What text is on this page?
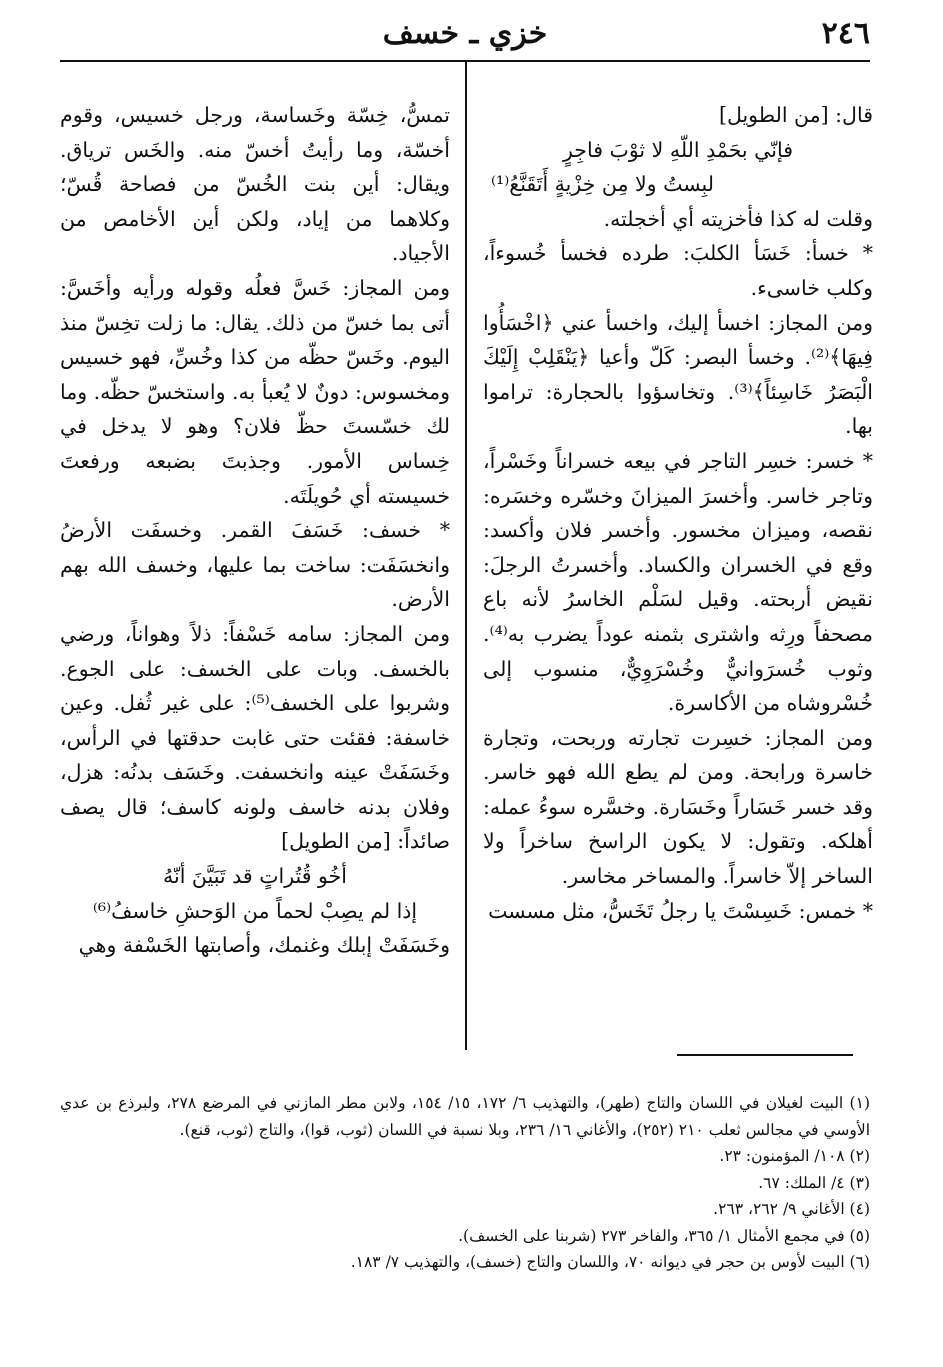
٢٤٦
خزي ـ خسف

قال: [من الطويل]

فإنّي بحَمْدِ اللّهِ لا ثوْبَ فاجِرٍ

لبِستُ ولا مِن خِزْيةٍ أَتَقَنَّعُ⁽¹⁾

وقلت له كذا فأخزيته أي أخجلته.

* خسأ: خَسَأ الكلبَ: طرده فخسأ خُسوءاً، وكلب خاسىء.

ومن المجاز: اخسأ إليك، واخسأ عني ﴿اخْسَأُوا فِيهَا﴾⁽²⁾. وخسأ البصر: كَلّ وأعيا ﴿يَنْقَلِبْ إِلَيْكَ الْبَصَرُ خَاسِئاً﴾⁽³⁾. وتخاسؤوا بالحجارة: تراموا بها.

* خسر: خسِر التاجر في بيعه خسراناً وخَسْراً، وتاجر خاسر. وأخسرَ الميزانَ وخسّره وخسَره: نقصه، وميزان مخسور. وأخسر فلان وأكسد: وقع في الخسران والكساد. وأخسرتُ الرجلَ: نقيض أربحته. وقيل لسَلْم الخاسرُ لأنه باع مصحفاً ورِثه واشترى بثمنه عوداً يضرب به⁽⁴⁾. وثوب خُسرَوانيٌّ وخُسْرَوِيٌّ، منسوب إلى خُسْروشاه من الأكاسرة.

ومن المجاز: خسِرت تجارته وربحت، وتجارة خاسرة ورابحة. ومن لم يطع الله فهو خاسر. وقد خسر خَسَاراً وخَسَارة. وخسَّره سوءُ عمله: أهلكه. وتقول: لا يكون الراسخ ساخراً ولا الساخر إلاّ خاسراً. والمساخر مخاسر.

* خمس: خَسِسْتَ يا رجلُ تَخَسُّ، مثل مسست

تمسُّ، خِسّة وخَساسة، ورجل خسيس، وقوم أخسّة، وما رأيتُ أخسّ منه. والخَس ترياق. ويقال: أين بنت الخُسّ من فصاحة قُسّ؛ وكلاهما من إياد، ولكن أين الأخامص من الأجياد.

ومن المجاز: خَسَّ فعلُه وقوله ورأيه وأخَسَّ: أتى بما خسّ من ذلك. يقال: ما زلت تخِسّ منذ اليوم. وخَسّ حظّه من كذا وخُسِّ، فهو خسيس ومخسوس: دونٌ لا يُعبأ به. واستخسّ حظّه. وما لك خسّستَ حظّ فلان؟ وهو لا يدخل في خِساس الأمور. وجذبتَ بضبعه ورفعتَ خسيسته أي حُويلَتَه.

* خسف: خَسَفَ القمر. وخسفَت الأرضُ وانخسَفَت: ساخت بما عليها، وخسف الله بهم الأرض.

ومن المجاز: سامه خَسْفاً: ذلاً وهواناً، ورضي بالخسف. وبات على الخسف: على الجوع. وشربوا على الخسف⁽⁵⁾: على غير ثُفل. وعين خاسفة: فقئت حتى غابت حدقتها في الرأس، وخَسَفَتْ عينه وانخسفت. وخَسَف بدنُه: هزل، وفلان بدنه خاسف ولونه كاسف؛ قال يصف صائداً: [من الطويل]

أخُو قُتُراتٍ قد تَبَيَّنَ أنّهُ

إذا لم يصِبْ لحماً من الوَحشِ خاسفُ⁽⁶⁾

وخَسَفَتْ إبلك وغنمك، وأصابتها الخَسْفة وهي

(١) البيت لغيلان في اللسان والتاج (طهر)، والتهذيب ٦/ ١٧٢، ١٥/ ١٥٤، ولابن مطر المازني في المرضع ٢٧٨، ولبرذع بن عدي الأوسي في مجالس ثعلب ٢١٠ (٢٥٢)، والأغاني ١٦/ ٢٣٦، وبلا نسبة في اللسان (ثوب، قوا)، والتاج (ثوب، قنع).

(٢) ١٠٨/ المؤمنون: ٢٣.

(٣) ٤/ الملك: ٦٧.

(٤) الأغاني ٩/ ٢٦٢، ٢٦٣.

(٥) في مجمع الأمثال ١/ ٣٦٥، والفاخر ٢٧٣ (شربنا على الخسف).

(٦) البيت لأوس بن حجر في ديوانه ٧٠، واللسان والتاج (خسف)، والتهذيب ٧/ ١٨٣.
